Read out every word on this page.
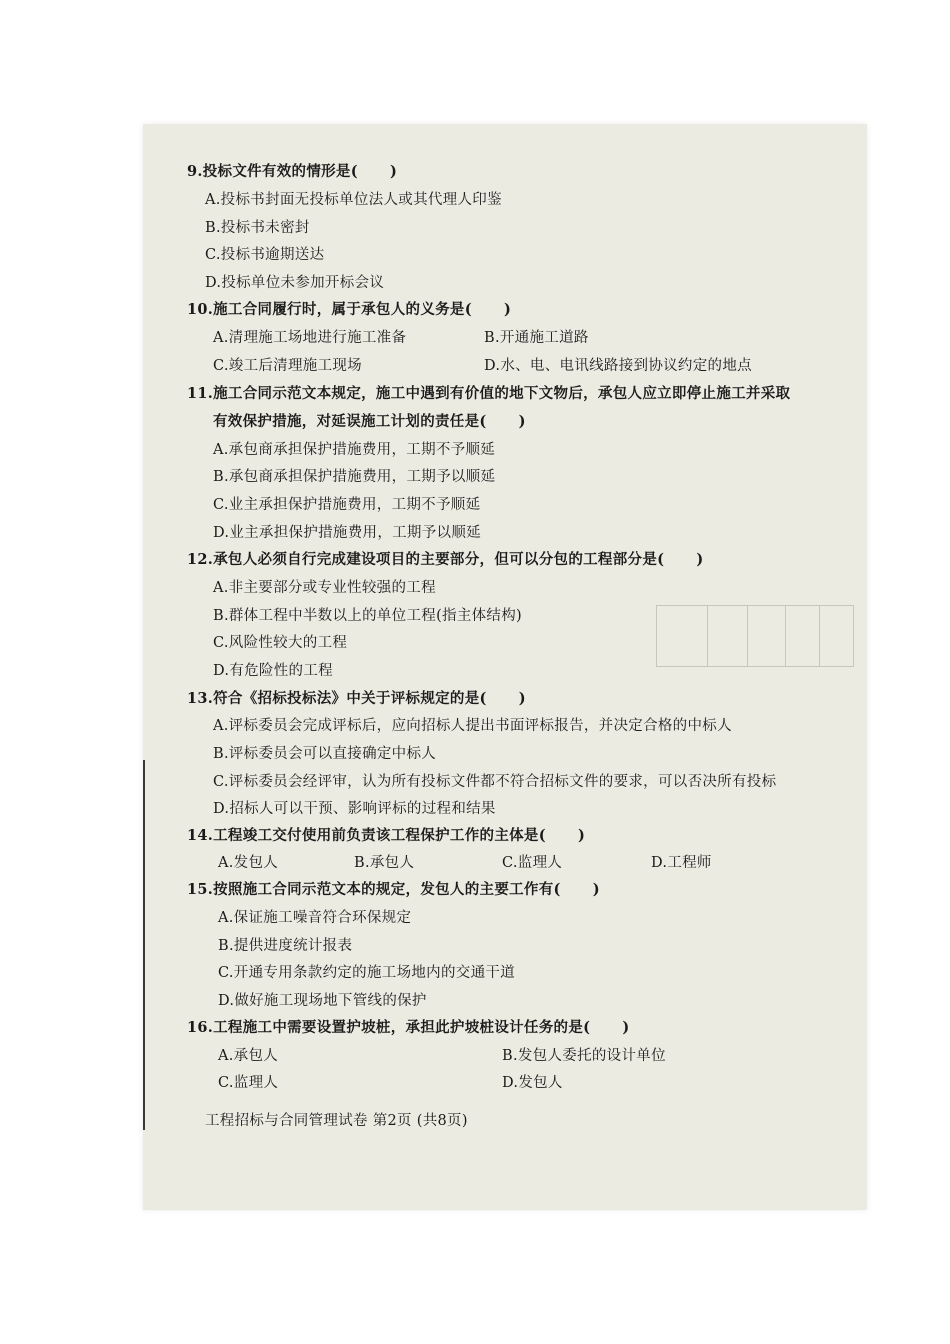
9.投标文件有效的情形是(      )
A.投标书封面无投标单位法人或其代理人印鉴
B.投标书未密封
C.投标书逾期送达
D.投标单位未参加开标会议
10.施工合同履行时，属于承包人的义务是(      )
A.清理施工场地进行施工准备	B.开通施工道路
C.竣工后清理施工现场	D.水、电、电讯线路接到协议约定的地点
11.施工合同示范文本规定，施工中遇到有价值的地下文物后，承包人应立即停止施工并采取
有效保护措施，对延误施工计划的责任是(      )
A.承包商承担保护措施费用，工期不予顺延
B.承包商承担保护措施费用，工期予以顺延
C.业主承担保护措施费用，工期不予顺延
D.业主承担保护措施费用，工期予以顺延
12.承包人必须自行完成建设项目的主要部分，但可以分包的工程部分是(      )
A.非主要部分或专业性较强的工程
B.群体工程中半数以上的单位工程(指主体结构)
C.风险性较大的工程
D.有危险性的工程
13.符合《招标投标法》中关于评标规定的是(      )
A.评标委员会完成评标后，应向招标人提出书面评标报告，并决定合格的中标人
B.评标委员会可以直接确定中标人
C.评标委员会经评审，认为所有投标文件都不符合招标文件的要求，可以否决所有投标
D.招标人可以干预、影响评标的过程和结果
14.工程竣工交付使用前负责该工程保护工作的主体是(      )
A.发包人	B.承包人	C.监理人	D.工程师
15.按照施工合同示范文本的规定，发包人的主要工作有(      )
A.保证施工噪音符合环保规定
B.提供进度统计报表
C.开通专用条款约定的施工场地内的交通干道
D.做好施工现场地下管线的保护
16.工程施工中需要设置护坡桩，承担此护坡桩设计任务的是(      )
A.承包人	B.发包人委托的设计单位
C.监理人	D.发包人
工程招标与合同管理试卷 第2页 (共8页)
